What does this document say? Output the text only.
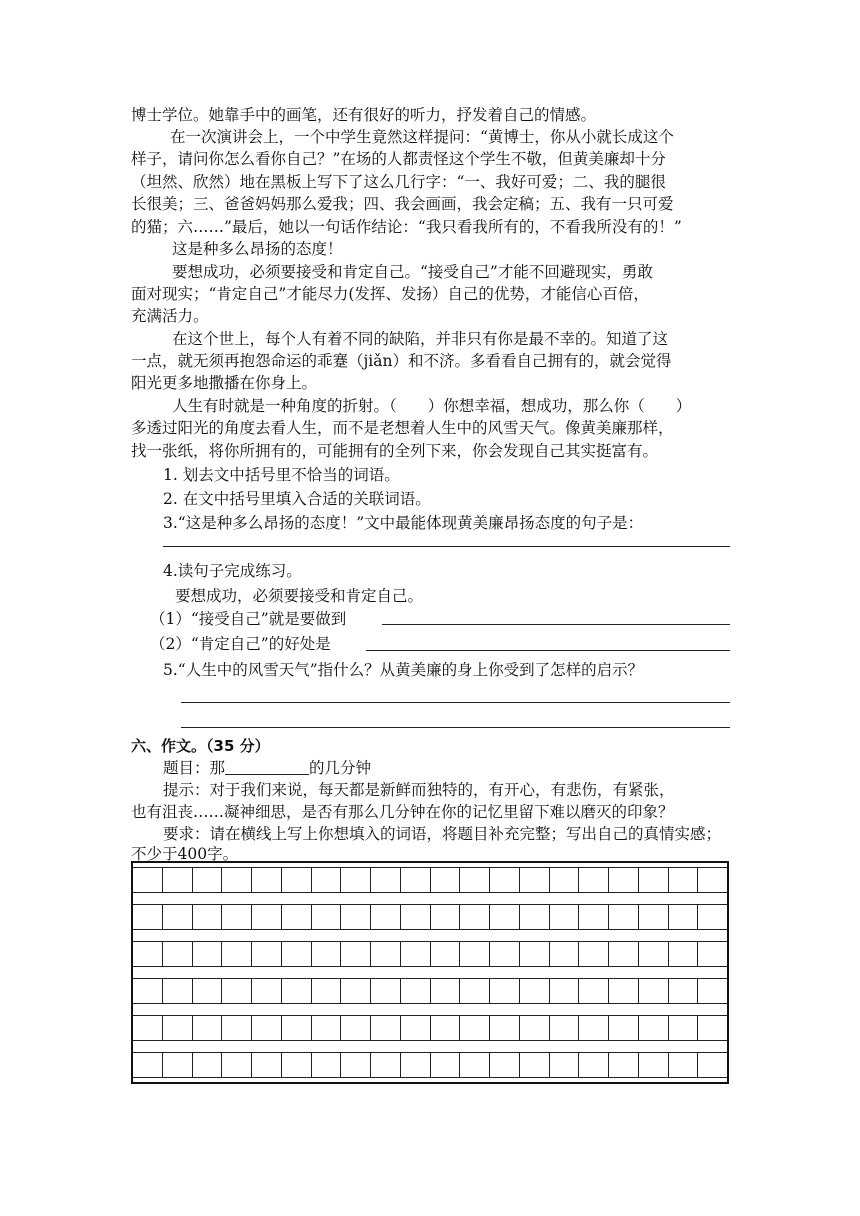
博士学位。她靠手中的画笔，还有很好的听力，抒发着自己的情感。
在一次演讲会上，一个中学生竟然这样提问：“黄博士，你从小就长成这个
样子，请问你怎么看你自己？”在场的人都责怪这个学生不敬，但黄美廉却十分
（坦然、欣然）地在黑板上写下了这么几行字：“一、我好可爱；二、我的腿很
长很美；三、爸爸妈妈那么爱我；四、我会画画，我会定稿；五、我有一只可爱
的猫；六……”最后，她以一句话作结论：“我只看我所有的，不看我所没有的！”
这是种多么昂扬的态度！
要想成功，必须要接受和肯定自己。“接受自己”才能不回避现实，勇敢
面对现实；“肯定自己”才能尽力(发挥、发扬）自己的优势，才能信心百倍，
充满活力。
在这个世上，每个人有着不同的缺陷，并非只有你是最不幸的。知道了这
一点，就无须再抱怨命运的乖蹇（jiǎn）和不济。多看看自己拥有的，就会觉得
阳光更多地撒播在你身上。
人生有时就是一种角度的折射。（　　）你想幸福，想成功，那么你（　　）
多透过阳光的角度去看人生，而不是老想着人生中的风雪天气。像黄美廉那样，
找一张纸，将你所拥有的，可能拥有的全列下来，你会发现自己其实挺富有。
1. 划去文中括号里不恰当的词语。
2. 在文中括号里填入合适的关联词语。
3.“这是种多么昂扬的态度！”文中最能体现黄美廉昂扬态度的句子是：
4.读句子完成练习。
要想成功，必须要接受和肯定自己。
（1）“接受自己”就是要做到
（2）“肯定自己”的好处是
5.“人生中的风雪天气”指什么？从黄美廉的身上你受到了怎样的启示？
六、作文。（35 分）
题目：那	的几分钟
提示：对于我们来说，每天都是新鲜而独特的，有开心，有悲伤，有紧张，
也有沮丧……凝神细思，是否有那么几分钟在你的记忆里留下难以磨灭的印象？
要求：请在横线上写上你想填入的词语，将题目补充完整；写出自己的真情实感；
不少于400字。
